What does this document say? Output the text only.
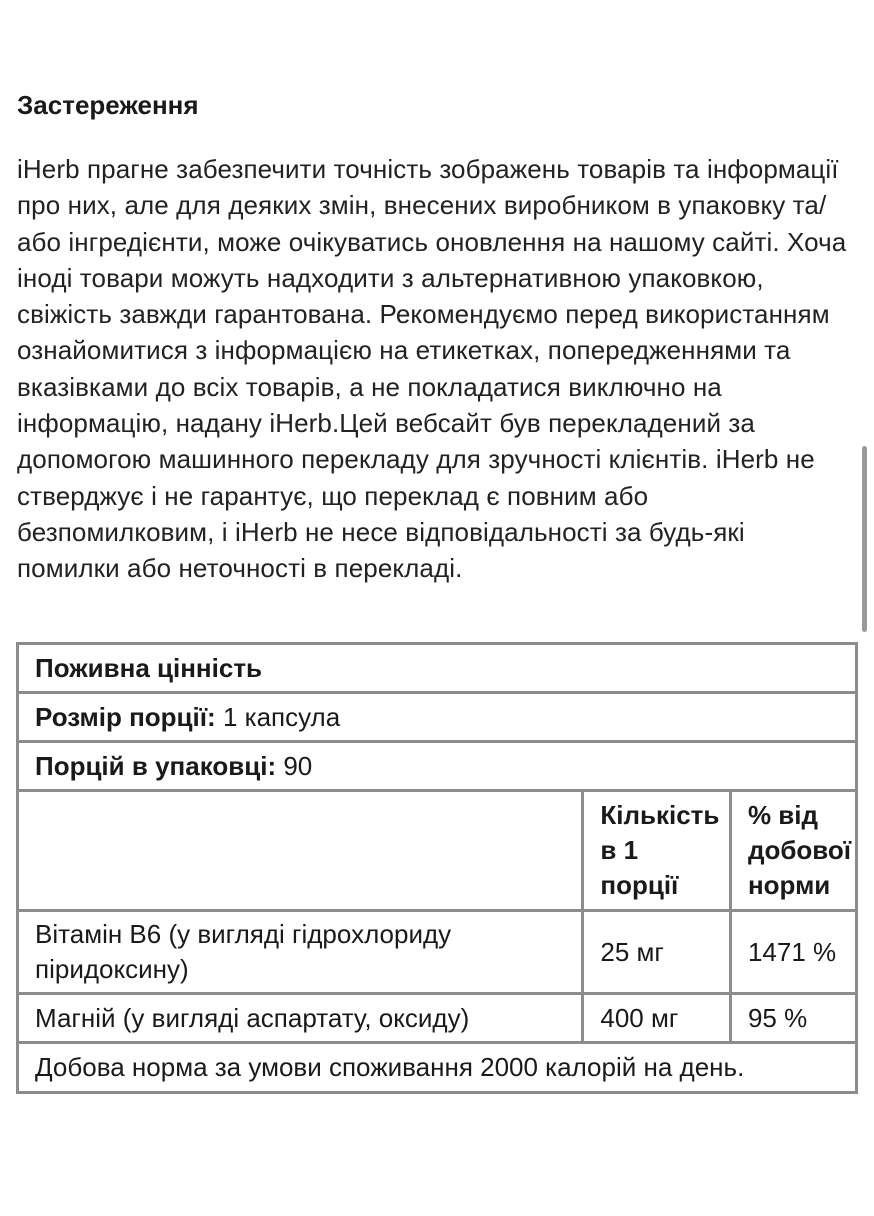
Застереження

iHerb прагне забезпечити точність зображень товарів та інформації про них, але для деяких змін, внесених виробником в упаковку та/або інгредієнти, може очікуватись оновлення на нашому сайті. Хоча іноді товари можуть надходити з альтернативною упаковкою, свіжість завжди гарантована. Рекомендуємо перед використанням ознайомитися з інформацією на етикетках, попередженнями та вказівками до всіх товарів, а не покладатися виключно на інформацію, надану iHerb.Цей вебсайт був перекладений за допомогою машинного перекладу для зручності клієнтів. iHerb не стверджує і не гарантує, що переклад є повним або безпомилковим, і iHerb не несе відповідальності за будь-які помилки або неточності в перекладі.

Поживна цінність		
Розмір порції: 1 капсула		
Порцій в упаковці: 90		
	Кількість в 1 порції	% від добової норми
Вітамін B6 (у вигляді гідрохлориду піридоксину)	25 мг	1471 %
Магній (у вигляді аспартату, оксиду)	400 мг	95 %
Добова норма за умови споживання 2000 калорій на день.		
